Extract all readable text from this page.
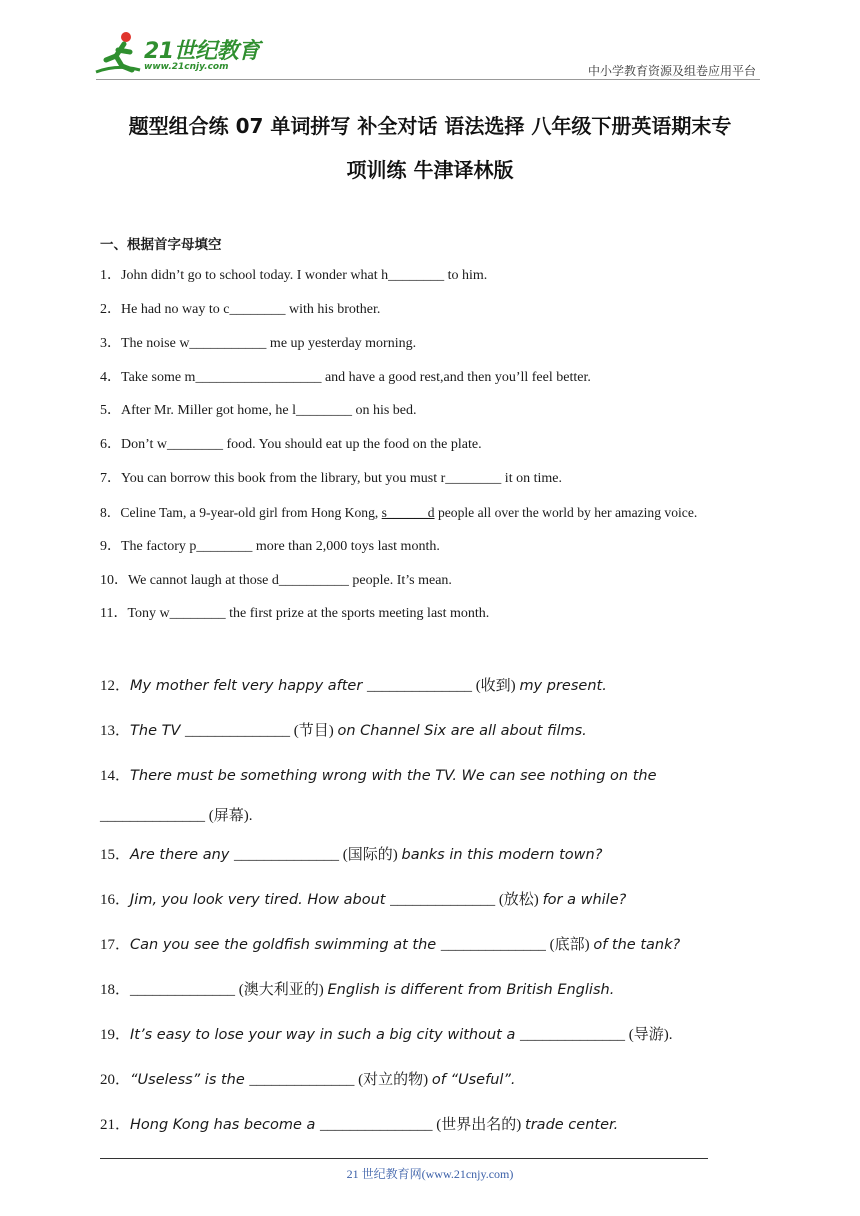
21世纪教育
www.21cnjy.com	中小学教育资源及组卷应用平台
题型组合练 07 单词拼写 补全对话 语法选择 八年级下册英语期末专
项训练 牛津译林版
一、根据首字母填空
1．John didn’t go to school today. I wonder what h________ to him.
2．He had no way to c________ with his brother.
3．The noise w___________ me up yesterday morning.
4．Take some m__________________ and have a good rest,and then you’ll feel better.
5．After Mr. Miller got home, he l________ on his bed.
6．Don’t w________ food. You should eat up the food on the plate.
7．You can borrow this book from the library, but you must r________ it on time.
8．Celine Tam, a 9-year-old girl from Hong Kong, s______d people all over the world by her amazing voice.
9．The factory p________ more than 2,000 toys last month.
10．We cannot laugh at those d__________ people. It’s mean.
11．Tony w________ the first prize at the sports meeting last month.
12．My mother felt very happy after ______________ (收到) my present.
13．The TV ______________ (节目) on Channel Six are all about films.
14．There must be something wrong with the TV. We can see nothing on the
______________ (屏幕).
15．Are there any ______________ (国际的) banks in this modern town?
16．Jim, you look very tired. How about ______________ (放松) for a while?
17．Can you see the goldfish swimming at the ______________ (底部) of the tank?
18．______________ (澳大利亚的) English is different from British English.
19．It’s easy to lose your way in such a big city without a ______________ (导游).
20．“Useless” is the ______________ (对立的物) of “Useful”.
21．Hong Kong has become a _______________ (世界出名的) trade center.
21 世纪教育网(www.21cnjy.com)
